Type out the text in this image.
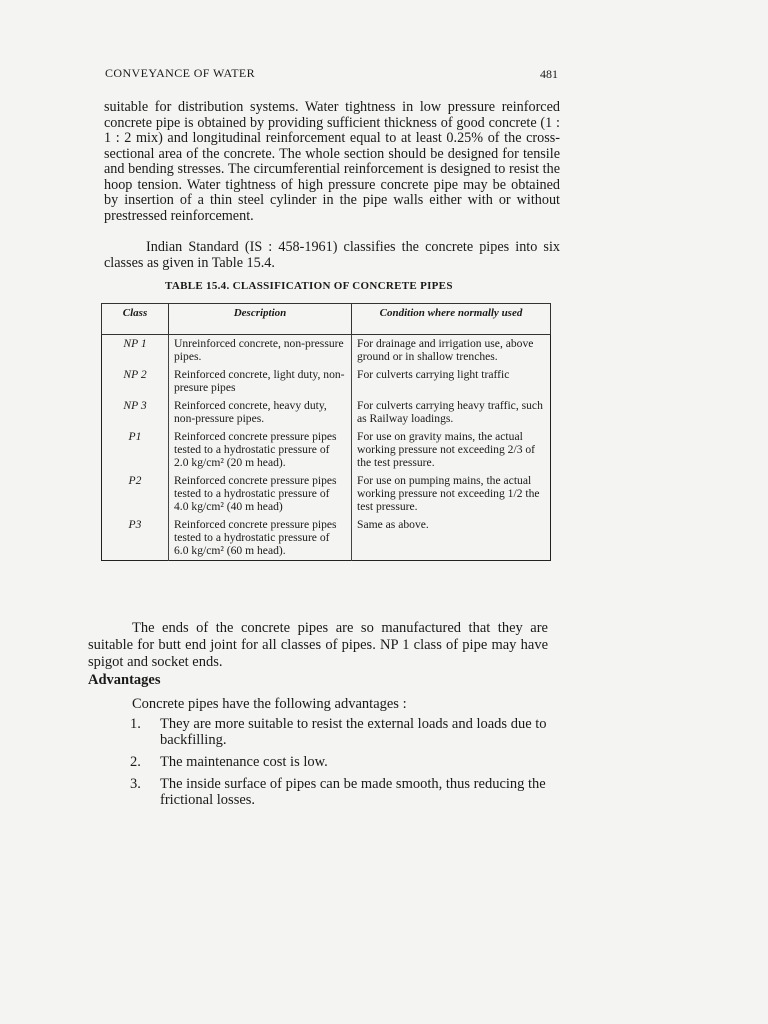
CONVEYANCE OF WATER	481
suitable for distribution systems. Water tightness in low pressure reinforced concrete pipe is obtained by providing sufficient thickness of good concrete (1 : 1 : 2 mix) and longitudinal reinforcement equal to at least 0.25% of the cross-sectional area of the concrete. The whole section should be designed for tensile and bending stresses. The circumferential reinforcement is designed to resist the hoop tension. Water tightness of high pressure concrete pipe may be obtained by insertion of a thin steel cylinder in the pipe walls either with or without prestressed reinforcement.
Indian Standard (IS : 458-1961) classifies the concrete pipes into six classes as given in Table 15.4.
TABLE 15.4. CLASSIFICATION OF CONCRETE PIPES
Class	Description	Condition where normally used
NP 1	Unreinforced concrete, non-pressure pipes.	For drainage and irrigation use, above ground or in shallow trenches.
NP 2	Reinforced concrete, light duty, non-presure pipes	For culverts carrying light traffic
NP 3	Reinforced concrete, heavy duty, non-pressure pipes.	For culverts carrying heavy traffic, such as Railway loadings.
P1	Reinforced concrete pressure pipes tested to a hydrostatic pressure of 2.0 kg/cm² (20 m head).	For use on gravity mains, the actual working pressure not exceeding 2/3 of the test pressure.
P2	Reinforced concrete pressure pipes tested to a hydrostatic pressure of 4.0 kg/cm² (40 m head)	For use on pumping mains, the actual working pressure not exceeding 1/2 the test pressure.
P3	Reinforced concrete pressure pipes tested to a hydrostatic pressure of 6.0 kg/cm² (60 m head).	Same as above.
The ends of the concrete pipes are so manufactured that they are suitable for butt end joint for all classes of pipes. NP 1 class of pipe may have spigot and socket ends.
Advantages
Concrete pipes have the following advantages :
1.	They are more suitable to resist the external loads and loads due to backfilling.
2.	The maintenance cost is low.
3.	The inside surface of pipes can be made smooth, thus reducing the frictional losses.
